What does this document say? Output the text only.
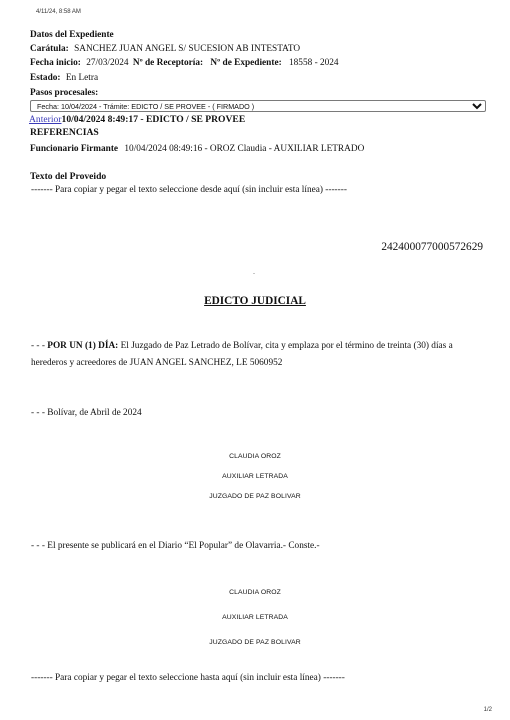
4/11/24, 8:58 AM
Datos del Expediente
Carátula: SANCHEZ JUAN ANGEL S/ SUCESION AB INTESTATO
Fecha inicio: 27/03/2024 Nº de Receptoría: Nº de Expediente: 18558 - 2024
Estado: En Letra
Pasos procesales:
Fecha: 10/04/2024 - Trámite: EDICTO / SE PROVEE - ( FIRMADO )
Anterior10/04/2024 8:49:17 - EDICTO / SE PROVEE
REFERENCIAS
Funcionario Firmante 10/04/2024 08:49:16 - OROZ Claudia - AUXILIAR LETRADO
Texto del Proveido
------- Para copiar y pegar el texto seleccione desde aquí (sin incluir esta línea) -------
242400077000572629
-
EDICTO JUDICIAL
- - - POR UN (1) DÍA: El Juzgado de Paz Letrado de Bolívar, cita y emplaza por el término de treinta (30) días a herederos y acreedores de JUAN ANGEL SANCHEZ, LE 5060952
- - - Bolívar, de Abril de 2024
CLAUDIA OROZ
AUXILIAR LETRADA
JUZGADO DE PAZ BOLIVAR
- - - El presente se publicará en el Diario “El Popular” de Olavarria.- Conste.-
CLAUDIA OROZ
AUXILIAR LETRADA
JUZGADO DE PAZ BOLIVAR
------- Para copiar y pegar el texto seleccione hasta aquí (sin incluir esta línea) -------
1/2
